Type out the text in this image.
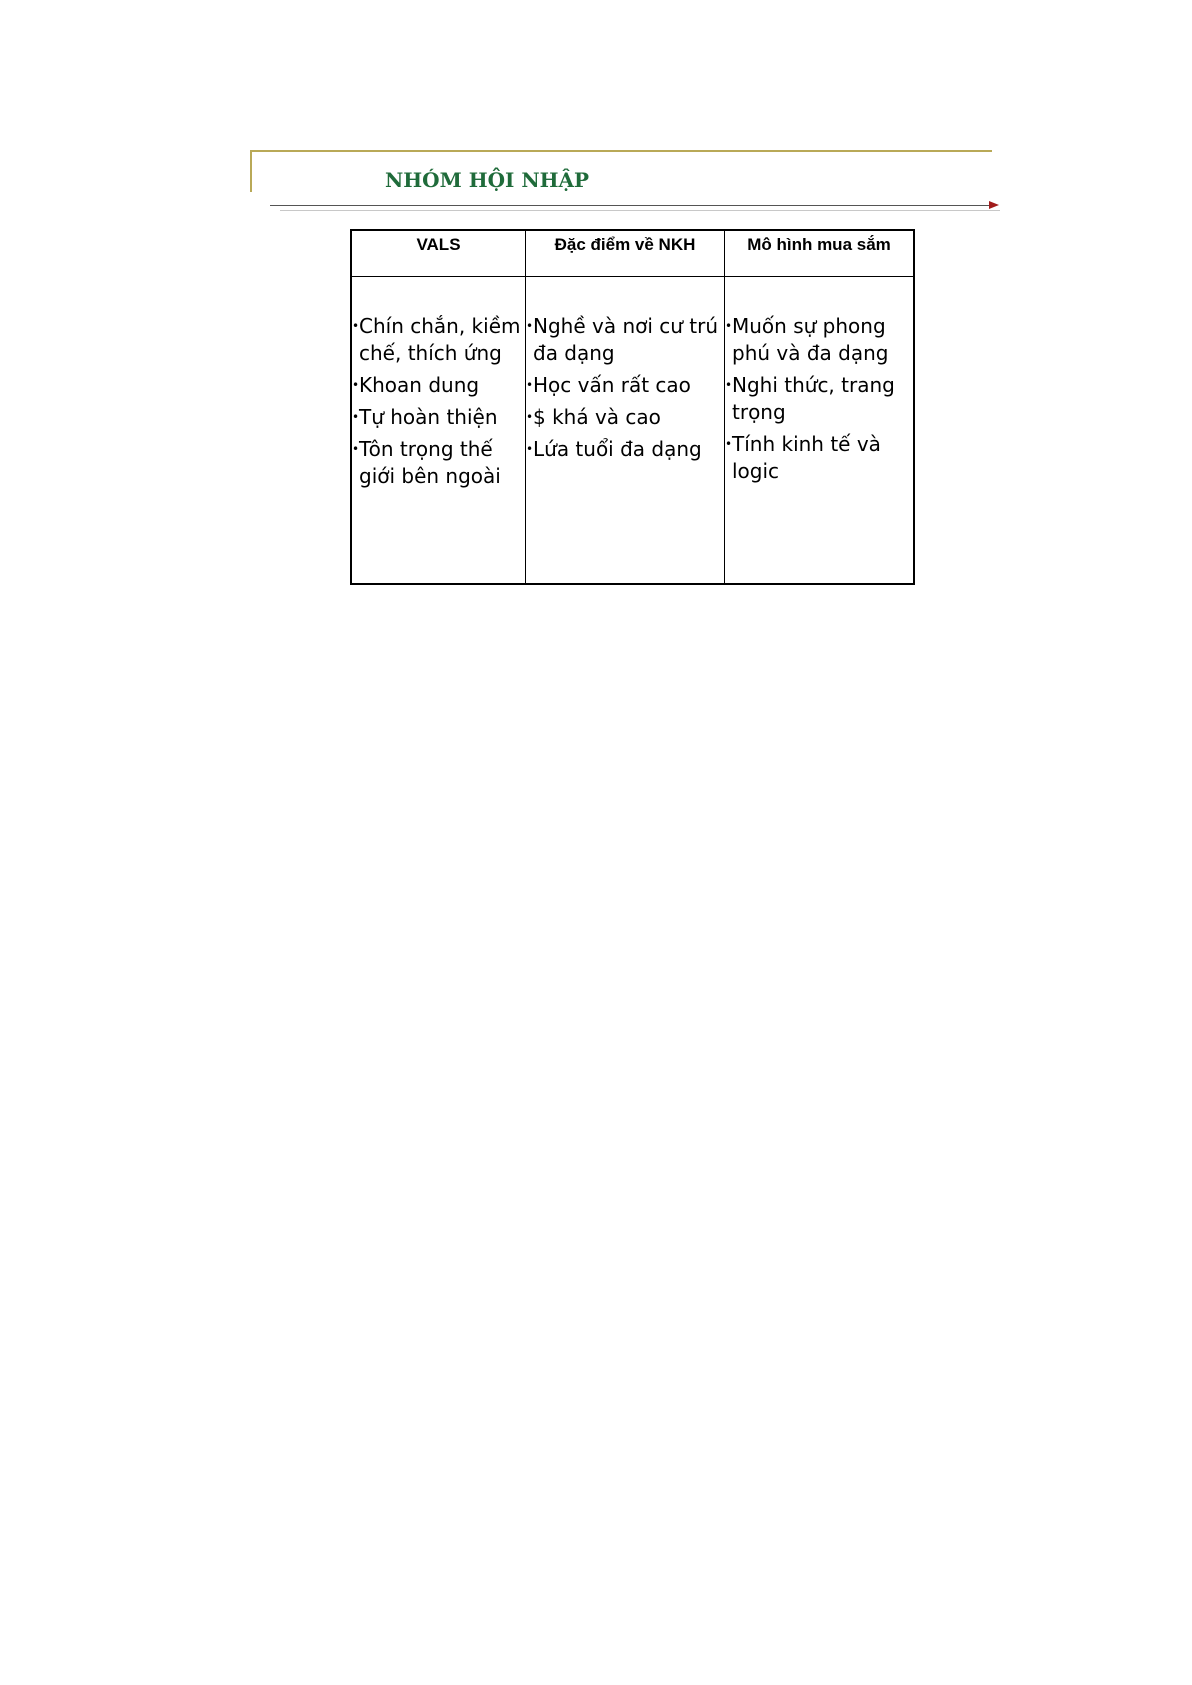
NHÓM HỘI NHẬP
VALS	Đặc điểm về NKH	Mô hình mua sắm
• Chín chắn, kiềm chế, thích ứng
• Khoan dung
• Tự hoàn thiện
• Tôn trọng thế giới bên ngoài
• Nghề và nơi cư trú đa dạng
• Học vấn rất cao
• $ khá và cao
• Lứa tuổi đa dạng
• Muốn sự phong phú và đa dạng
• Nghi thức, trang trọng
• Tính kinh tế và logic
